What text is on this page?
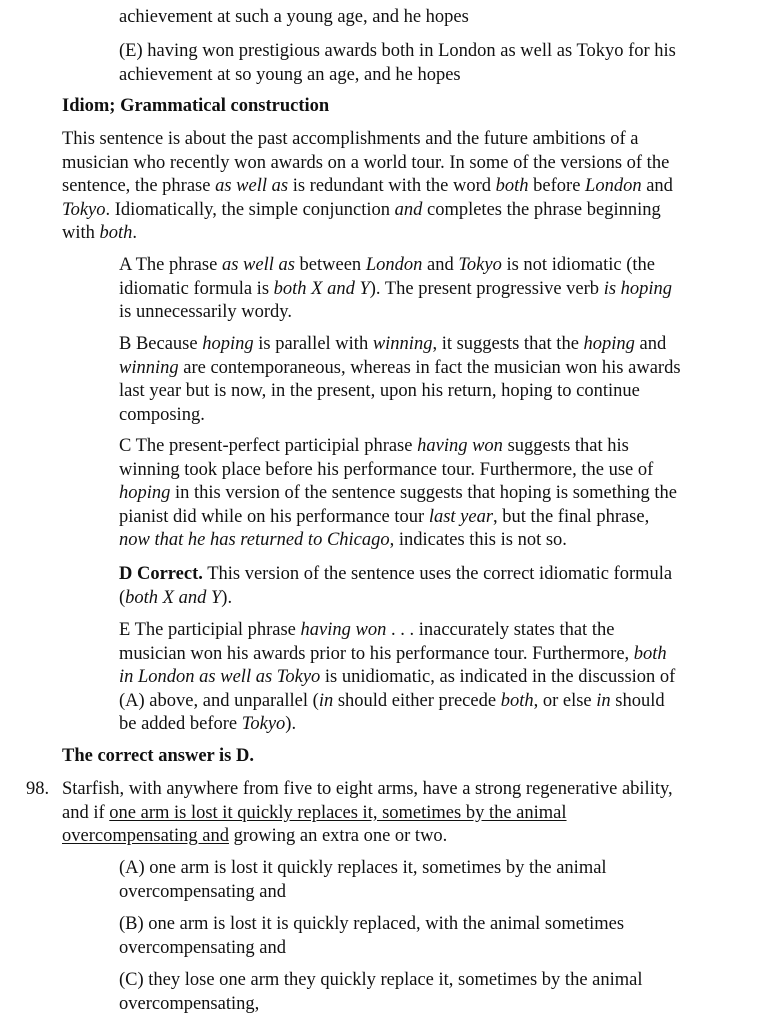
achievement at such a young age, and he hopes
(E) having won prestigious awards both in London as well as Tokyo for his
achievement at so young an age, and he hopes
Idiom; Grammatical construction
This sentence is about the past accomplishments and the future ambitions of a
musician who recently won awards on a world tour. In some of the versions of the
sentence, the phrase as well as is redundant with the word both before London and
Tokyo. Idiomatically, the simple conjunction and completes the phrase beginning
with both.
A The phrase as well as between London and Tokyo is not idiomatic (the
idiomatic formula is both X and Y). The present progressive verb is hoping
is unnecessarily wordy.
B Because hoping is parallel with winning, it suggests that the hoping and
winning are contemporaneous, whereas in fact the musician won his awards
last year but is now, in the present, upon his return, hoping to continue
composing.
C The present-perfect participial phrase having won suggests that his
winning took place before his performance tour. Furthermore, the use of
hoping in this version of the sentence suggests that hoping is something the
pianist did while on his performance tour last year, but the final phrase,
now that he has returned to Chicago, indicates this is not so.
D Correct. This version of the sentence uses the correct idiomatic formula
(both X and Y).
E The participial phrase having won . . . inaccurately states that the
musician won his awards prior to his performance tour. Furthermore, both
in London as well as Tokyo is unidiomatic, as indicated in the discussion of
(A) above, and unparallel (in should either precede both, or else in should
be added before Tokyo).
The correct answer is D.
98. Starfish, with anywhere from five to eight arms, have a strong regenerative ability,
and if one arm is lost it quickly replaces it, sometimes by the animal
overcompensating and growing an extra one or two.
(A) one arm is lost it quickly replaces it, sometimes by the animal
overcompensating and
(B) one arm is lost it is quickly replaced, with the animal sometimes
overcompensating and
(C) they lose one arm they quickly replace it, sometimes by the animal
overcompensating,
